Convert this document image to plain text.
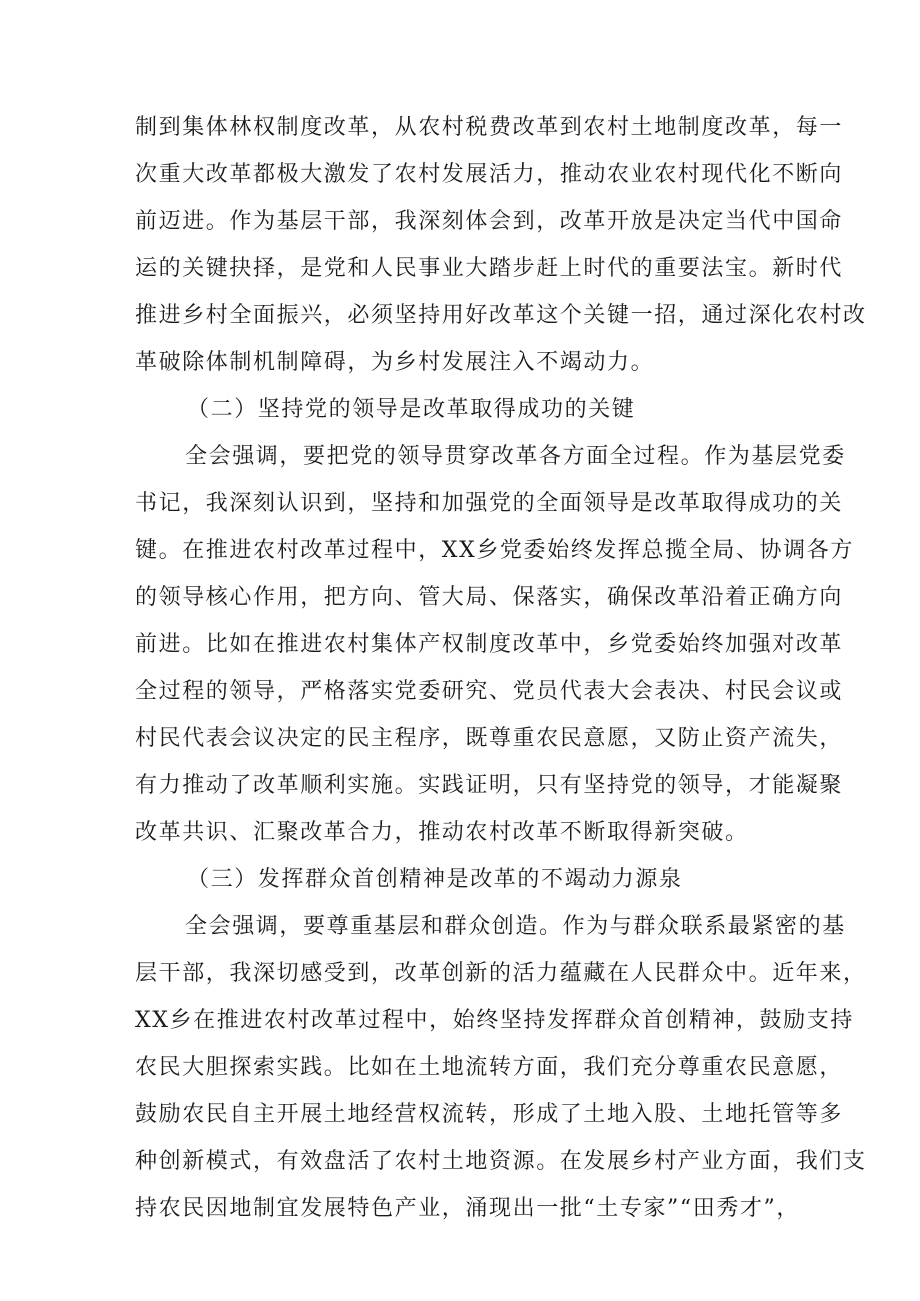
制到集体林权制度改革，从农村税费改革到农村土地制度改革，每一
次重大改革都极大激发了农村发展活力，推动农业农村现代化不断向
前迈进。作为基层干部，我深刻体会到，改革开放是决定当代中国命
运的关键抉择，是党和人民事业大踏步赶上时代的重要法宝。新时代
推进乡村全面振兴，必须坚持用好改革这个关键一招，通过深化农村改
革破除体制机制障碍，为乡村发展注入不竭动力。
（二）坚持党的领导是改革取得成功的关键
全会强调，要把党的领导贯穿改革各方面全过程。作为基层党委
书记，我深刻认识到，坚持和加强党的全面领导是改革取得成功的关
键。在推进农村改革过程中，XX乡党委始终发挥总揽全局、协调各方
的领导核心作用，把方向、管大局、保落实，确保改革沿着正确方向
前进。比如在推进农村集体产权制度改革中，乡党委始终加强对改革
全过程的领导，严格落实党委研究、党员代表大会表决、村民会议或
村民代表会议决定的民主程序，既尊重农民意愿，又防止资产流失，
有力推动了改革顺利实施。实践证明，只有坚持党的领导，才能凝聚
改革共识、汇聚改革合力，推动农村改革不断取得新突破。
（三）发挥群众首创精神是改革的不竭动力源泉
全会强调，要尊重基层和群众创造。作为与群众联系最紧密的基
层干部，我深切感受到，改革创新的活力蕴藏在人民群众中。近年来，
XX乡在推进农村改革过程中，始终坚持发挥群众首创精神，鼓励支持
农民大胆探索实践。比如在土地流转方面，我们充分尊重农民意愿，
鼓励农民自主开展土地经营权流转，形成了土地入股、土地托管等多
种创新模式，有效盘活了农村土地资源。在发展乡村产业方面，我们支
持农民因地制宜发展特色产业，涌现出一批“土专家”“田秀才”，
